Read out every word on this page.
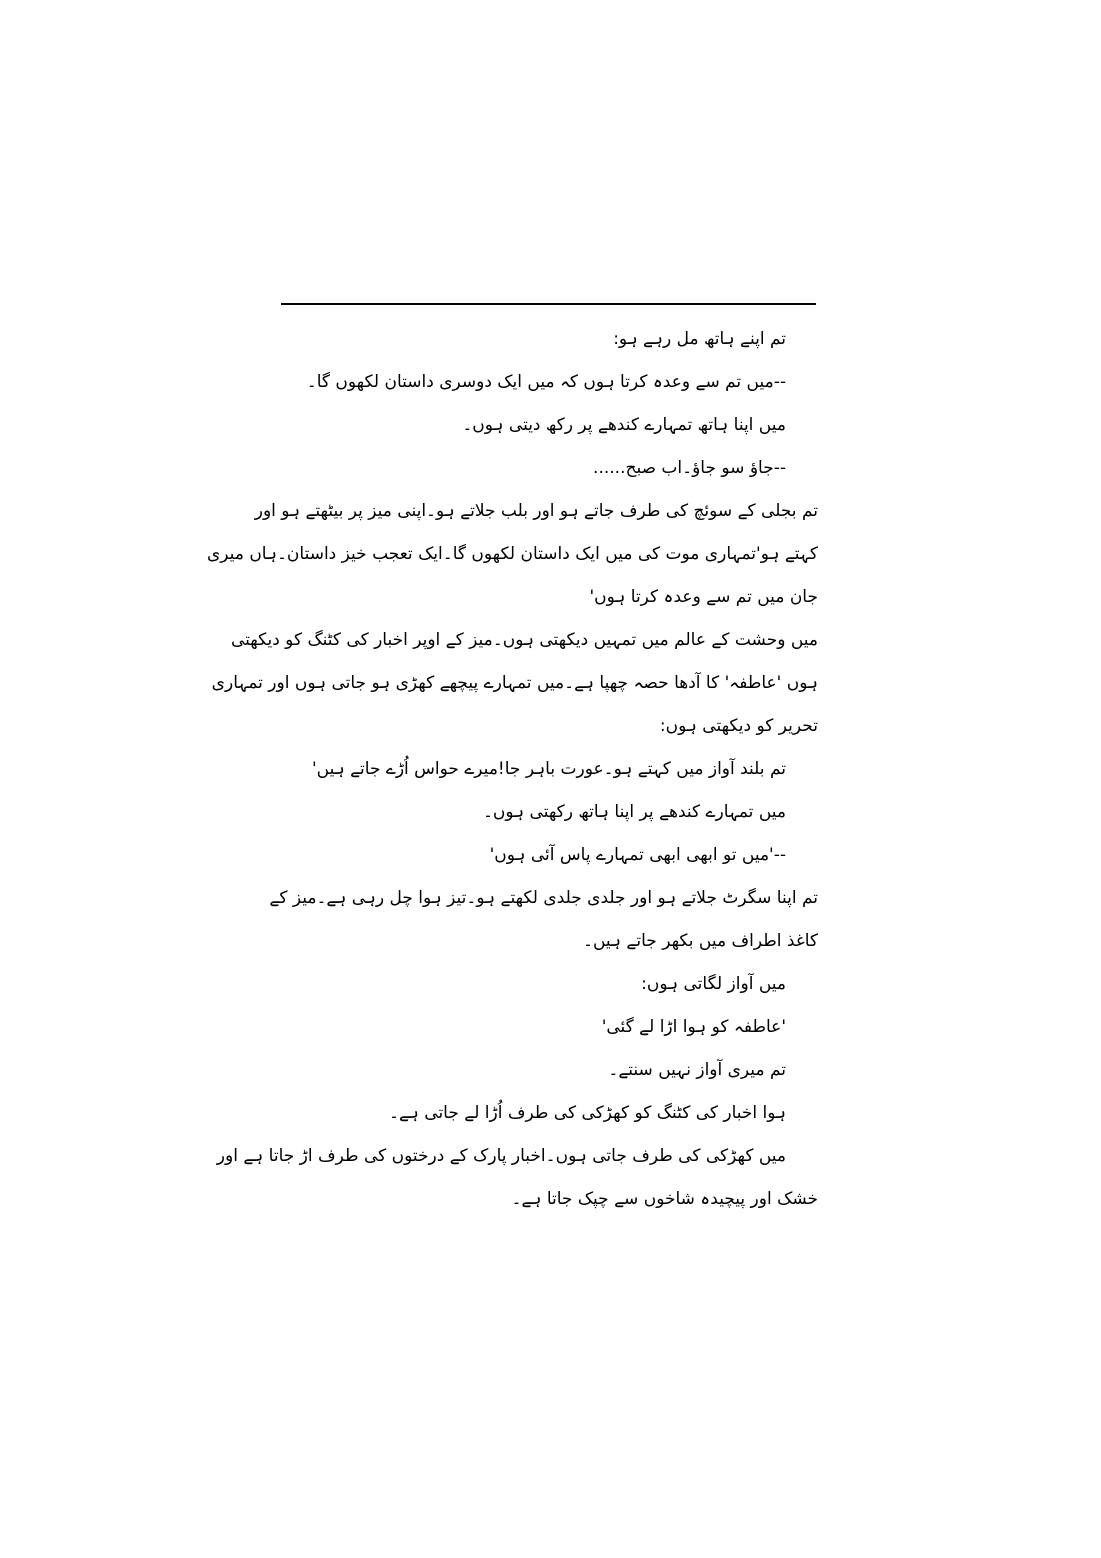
تم اپنے ہاتھ مل رہے ہو:
--میں تم سے وعدہ کرتا ہوں کہ میں ایک دوسری داستان لکھوں گا۔
میں اپنا ہاتھ تمہارے کندھے پر رکھ دیتی ہوں۔
--جاؤ سو جاؤ۔اب صبح......
تم بجلی کے سوئچ کی طرف جاتے ہو اور بلب جلاتے ہو۔اپنی میز پر بیٹھتے ہو اور
کہتے ہو'تمہاری موت کی میں ایک داستان لکھوں گا۔ایک تعجب خیز داستان۔ہاں میری
جان میں تم سے وعدہ کرتا ہوں'
میں وحشت کے عالم میں تمہیں دیکھتی ہوں۔میز کے اوپر اخبار کی کٹنگ کو دیکھتی
ہوں 'عاطفہ' کا آدھا حصہ چھپا ہے۔میں تمہارے پیچھے کھڑی ہو جاتی ہوں اور تمہاری
تحریر کو دیکھتی ہوں:
تم بلند آواز میں کہتے ہو۔عورت باہر جا!میرے حواس اُڑے جاتے ہیں'
میں تمہارے کندھے پر اپنا ہاتھ رکھتی ہوں۔
--'میں تو ابھی ابھی تمہارے پاس آئی ہوں'
تم اپنا سگرٹ جلاتے ہو اور جلدی جلدی لکھتے ہو۔تیز ہوا چل رہی ہے۔میز کے
کاغذ اطراف میں بکھر جاتے ہیں۔
میں آواز لگاتی ہوں:
'عاطفہ کو ہوا اڑا لے گئی'
تم میری آواز نہیں سنتے۔
ہوا اخبار کی کٹنگ کو کھڑکی کی طرف اُڑا لے جاتی ہے۔
میں کھڑکی کی طرف جاتی ہوں۔اخبار پارک کے درختوں کی طرف اڑ جاتا ہے اور
خشک اور پیچیدہ شاخوں سے چپک جاتا ہے۔
